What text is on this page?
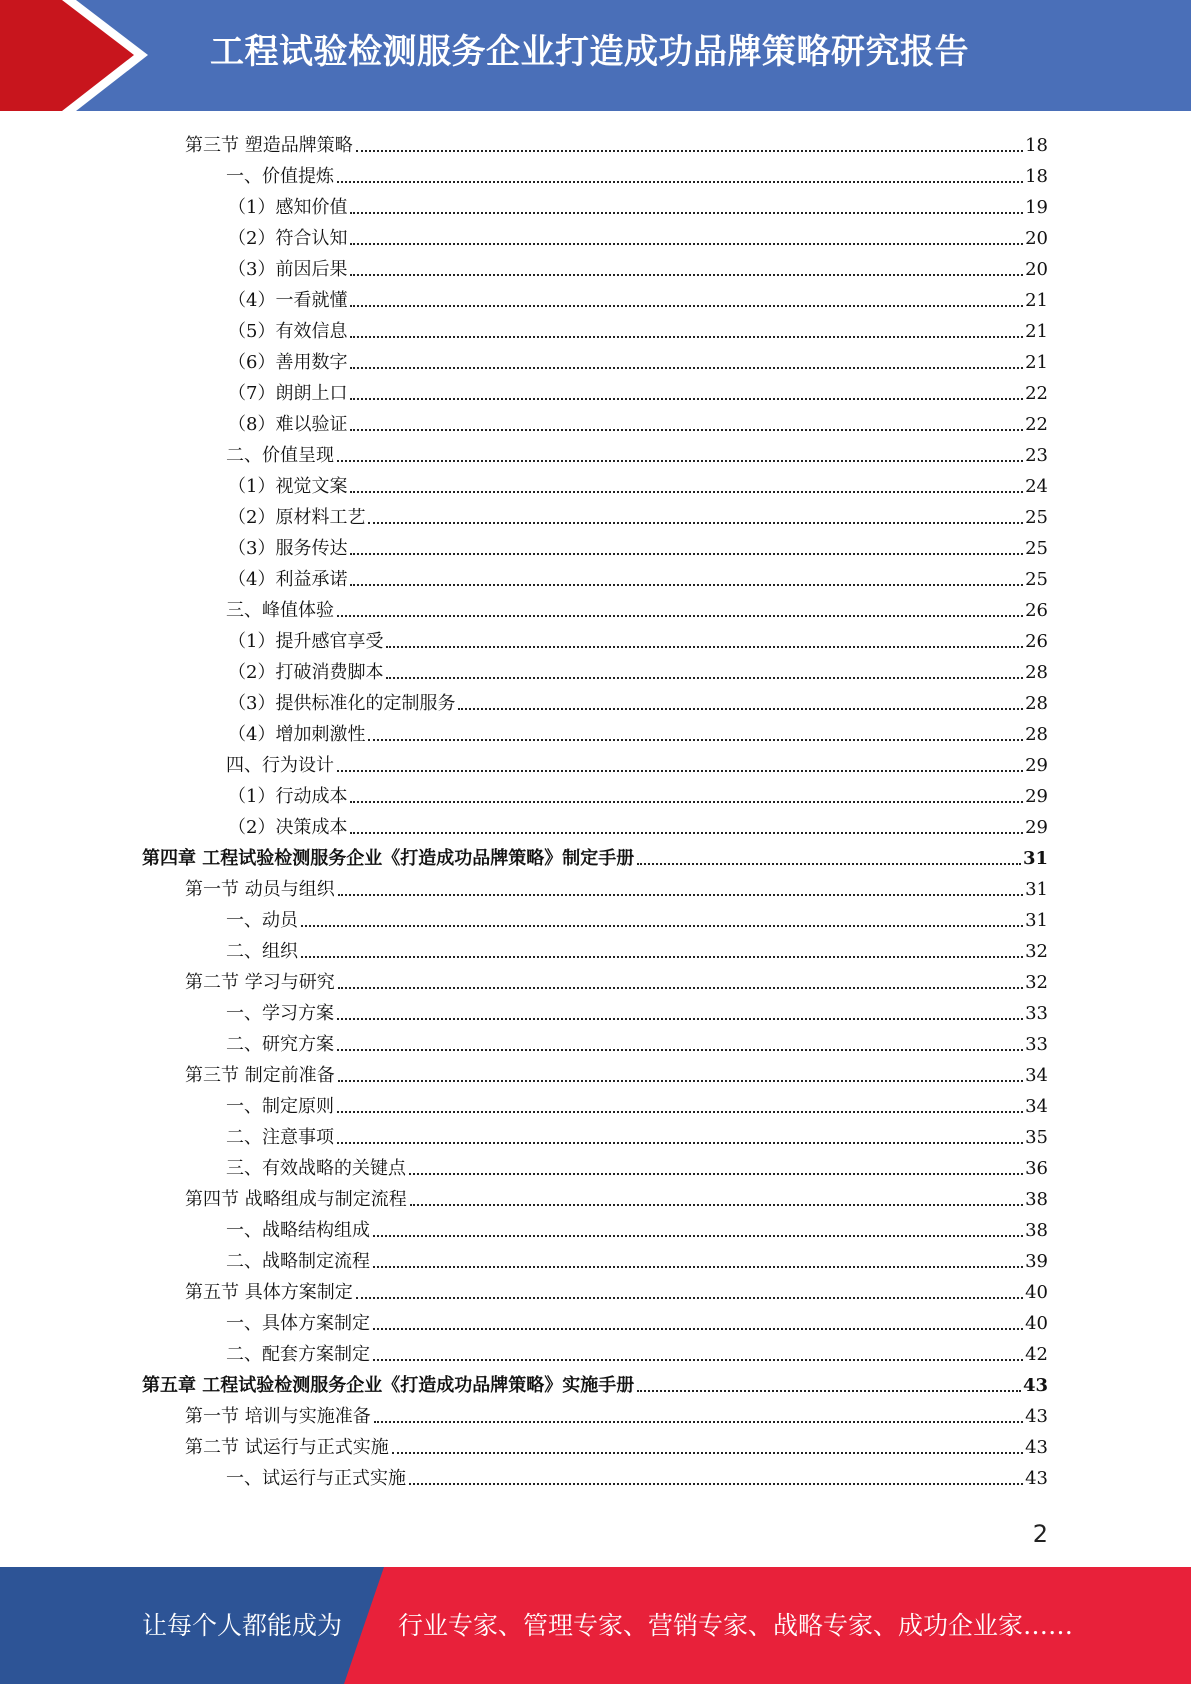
工程试验检测服务企业打造成功品牌策略研究报告
第三节 塑造品牌策略	18
一、价值提炼	18
（1）感知价值	19
（2）符合认知	20
（3）前因后果	20
（4）一看就懂	21
（5）有效信息	21
（6）善用数字	21
（7）朗朗上口	22
（8）难以验证	22
二、价值呈现	23
（1）视觉文案	24
（2）原材料工艺	25
（3）服务传达	25
（4）利益承诺	25
三、峰值体验	26
（1）提升感官享受	26
（2）打破消费脚本	28
（3）提供标准化的定制服务	28
（4）增加刺激性	28
四、行为设计	29
（1）行动成本	29
（2）决策成本	29
第四章 工程试验检测服务企业《打造成功品牌策略》制定手册	31
第一节 动员与组织	31
一、动员	31
二、组织	32
第二节 学习与研究	32
一、学习方案	33
二、研究方案	33
第三节 制定前准备	34
一、制定原则	34
二、注意事项	35
三、有效战略的关键点	36
第四节 战略组成与制定流程	38
一、战略结构组成	38
二、战略制定流程	39
第五节 具体方案制定	40
一、具体方案制定	40
二、配套方案制定	42
第五章 工程试验检测服务企业《打造成功品牌策略》实施手册	43
第一节 培训与实施准备	43
第二节 试运行与正式实施	43
一、试运行与正式实施	43
2
让每个人都能成为 行业专家、管理专家、营销专家、战略专家、成功企业家……
